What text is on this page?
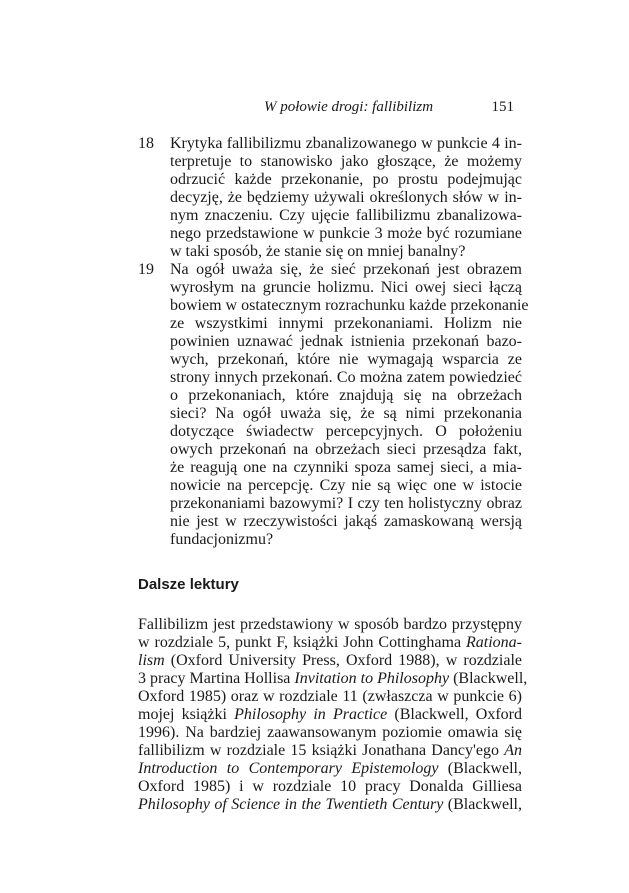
W połowie drogi: fallibilizm	151
18 Krytyka fallibilizmu zbanalizowanego w punkcie 4 in-
terpretuje to stanowisko jako głoszące, że możemy
odrzucić każde przekonanie, po prostu podejmując
decyzję, że będziemy używali określonych słów w in-
nym znaczeniu. Czy ujęcie fallibilizmu zbanalizowa-
nego przedstawione w punkcie 3 może być rozumiane
w taki sposób, że stanie się on mniej banalny?
19 Na ogół uważa się, że sieć przekonań jest obrazem
wyrosłym na gruncie holizmu. Nici owej sieci łączą
bowiem w ostatecznym rozrachunku każde przekonanie
ze wszystkimi innymi przekonaniami. Holizm nie
powinien uznawać jednak istnienia przekonań bazo-
wych, przekonań, które nie wymagają wsparcia ze
strony innych przekonań. Co można zatem powiedzieć
o przekonaniach, które znajdują się na obrzeżach
sieci? Na ogół uważa się, że są nimi przekonania
dotyczące świadectw percepcyjnych. O położeniu
owych przekonań na obrzeżach sieci przesądza fakt,
że reagują one na czynniki spoza samej sieci, a mia-
nowicie na percepcję. Czy nie są więc one w istocie
przekonaniami bazowymi? I czy ten holistyczny obraz
nie jest w rzeczywistości jakąś zamaskowaną wersją
fundacjonizmu?
Dalsze lektury
Fallibilizm jest przedstawiony w sposób bardzo przystępny
w rozdziale 5, punkt F, książki John Cottinghama Rationa-
lism (Oxford University Press, Oxford 1988), w rozdziale
3 pracy Martina Hollisa Invitation to Philosophy (Blackwell,
Oxford 1985) oraz w rozdziale 11 (zwłaszcza w punkcie 6)
mojej książki Philosophy in Practice (Blackwell, Oxford
1996). Na bardziej zaawansowanym poziomie omawia się
fallibilizm w rozdziale 15 książki Jonathana Dancy'ego An
Introduction to Contemporary Epistemology (Blackwell,
Oxford 1985) i w rozdziale 10 pracy Donalda Gilliesa
Philosophy of Science in the Twentieth Century (Blackwell,
